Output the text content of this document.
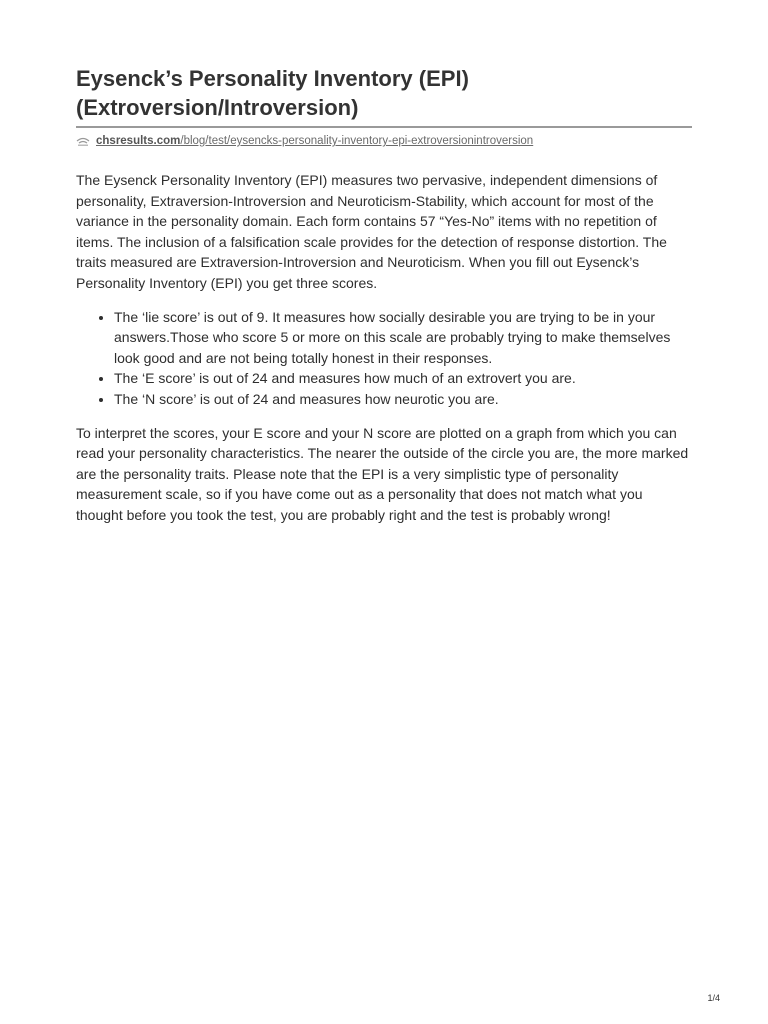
Eysenck’s Personality Inventory (EPI)
(Extroversion/Introversion)
chsresults.com/blog/test/eysencks-personality-inventory-epi-extroversionintroversion

The Eysenck Personality Inventory (EPI) measures two pervasive, independent dimensions of personality, Extraversion-Introversion and Neuroticism-Stability, which account for most of the variance in the personality domain. Each form contains 57 “Yes-No” items with no repetition of items. The inclusion of a falsification scale provides for the detection of response distortion. The traits measured are Extraversion-Introversion and Neuroticism. When you fill out Eysenck’s Personality Inventory (EPI) you get three scores.

• The ‘lie score’ is out of 9. It measures how socially desirable you are trying to be in your answers.Those who score 5 or more on this scale are probably trying to make themselves look good and are not being totally honest in their responses.
• The ‘E score’ is out of 24 and measures how much of an extrovert you are.
• The ‘N score’ is out of 24 and measures how neurotic you are.

To interpret the scores, your E score and your N score are plotted on a graph from which you can read your personality characteristics. The nearer the outside of the circle you are, the more marked are the personality traits. Please note that the EPI is a very simplistic type of personality measurement scale, so if you have come out as a personality that does not match what you thought before you took the test, you are probably right and the test is probably wrong!

1/4
